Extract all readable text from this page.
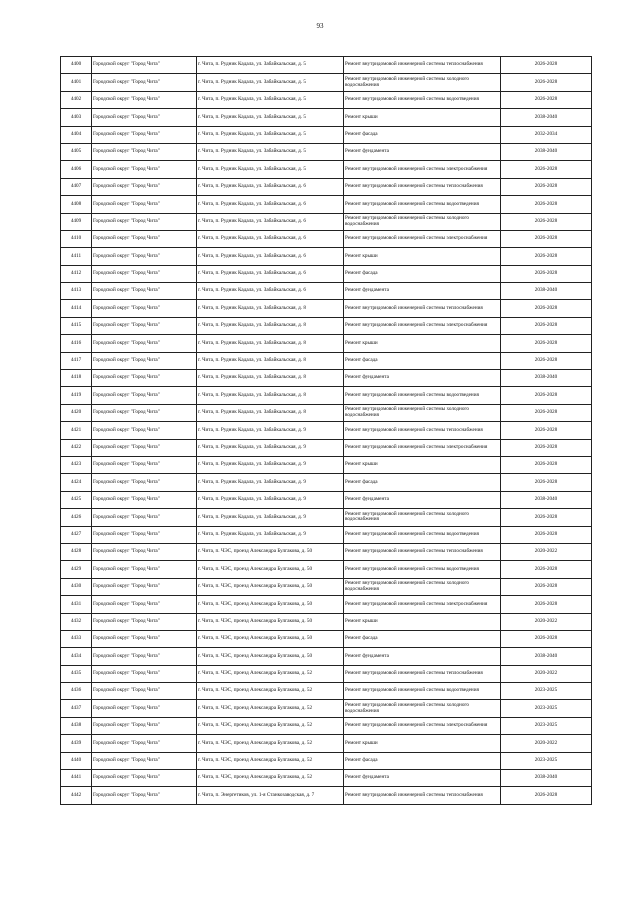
93
4400	Городской округ "Город Чита"	г. Чита, п. Рудник Кадала, ул. Забайкальская, д. 5	Ремонт внутридомовой инженерной системы теплоснабжения	2026-2028
4401	Городской округ "Город Чита"	г. Чита, п. Рудник Кадала, ул. Забайкальская, д. 5	Ремонт внутридомовой инженерной системы холодного водоснабжения	2026-2028
4402	Городской округ "Город Чита"	г. Чита, п. Рудник Кадала, ул. Забайкальская, д. 5	Ремонт внутридомовой инженерной системы водоотведения	2026-2028
4403	Городской округ "Город Чита"	г. Чита, п. Рудник Кадала, ул. Забайкальская, д. 5	Ремонт крыши	2038-2040
4404	Городской округ "Город Чита"	г. Чита, п. Рудник Кадала, ул. Забайкальская, д. 5	Ремонт фасада	2032-2034
4405	Городской округ "Город Чита"	г. Чита, п. Рудник Кадала, ул. Забайкальская, д. 5	Ремонт фундамента	2038-2040
4406	Городской округ "Город Чита"	г. Чита, п. Рудник Кадала, ул. Забайкальская, д. 5	Ремонт внутридомовой инженерной системы электроснабжения	2026-2028
4407	Городской округ "Город Чита"	г. Чита, п. Рудник Кадала, ул. Забайкальская, д. 6	Ремонт внутридомовой инженерной системы теплоснабжения	2026-2028
4408	Городской округ "Город Чита"	г. Чита, п. Рудник Кадала, ул. Забайкальская, д. 6	Ремонт внутридомовой инженерной системы водоотведения	2026-2028
4409	Городской округ "Город Чита"	г. Чита, п. Рудник Кадала, ул. Забайкальская, д. 6	Ремонт внутридомовой инженерной системы холодного водоснабжения	2026-2028
4410	Городской округ "Город Чита"	г. Чита, п. Рудник Кадала, ул. Забайкальская, д. 6	Ремонт внутридомовой инженерной системы электроснабжения	2026-2028
4411	Городской округ "Город Чита"	г. Чита, п. Рудник Кадала, ул. Забайкальская, д. 6	Ремонт крыши	2026-2028
4412	Городской округ "Город Чита"	г. Чита, п. Рудник Кадала, ул. Забайкальская, д. 6	Ремонт фасада	2026-2028
4413	Городской округ "Город Чита"	г. Чита, п. Рудник Кадала, ул. Забайкальская, д. 6	Ремонт фундамента	2038-2040
4414	Городской округ "Город Чита"	г. Чита, п. Рудник Кадала, ул. Забайкальская, д. 8	Ремонт внутридомовой инженерной системы теплоснабжения	2026-2028
4415	Городской округ "Город Чита"	г. Чита, п. Рудник Кадала, ул. Забайкальская, д. 8	Ремонт внутридомовой инженерной системы электроснабжения	2026-2028
4416	Городской округ "Город Чита"	г. Чита, п. Рудник Кадала, ул. Забайкальская, д. 8	Ремонт крыши	2026-2028
4417	Городской округ "Город Чита"	г. Чита, п. Рудник Кадала, ул. Забайкальская, д. 8	Ремонт фасада	2026-2028
4418	Городской округ "Город Чита"	г. Чита, п. Рудник Кадала, ул. Забайкальская, д. 8	Ремонт фундамента	2038-2040
4419	Городской округ "Город Чита"	г. Чита, п. Рудник Кадала, ул. Забайкальская, д. 8	Ремонт внутридомовой инженерной системы водоотведения	2026-2028
4420	Городской округ "Город Чита"	г. Чита, п. Рудник Кадала, ул. Забайкальская, д. 8	Ремонт внутридомовой инженерной системы холодного водоснабжения	2026-2028
4421	Городской округ "Город Чита"	г. Чита, п. Рудник Кадала, ул. Забайкальская, д. 9	Ремонт внутридомовой инженерной системы теплоснабжения	2026-2028
4422	Городской округ "Город Чита"	г. Чита, п. Рудник Кадала, ул. Забайкальская, д. 9	Ремонт внутридомовой инженерной системы электроснабжения	2026-2028
4423	Городской округ "Город Чита"	г. Чита, п. Рудник Кадала, ул. Забайкальская, д. 9	Ремонт крыши	2026-2028
4424	Городской округ "Город Чита"	г. Чита, п. Рудник Кадала, ул. Забайкальская, д. 9	Ремонт фасада	2026-2028
4425	Городской округ "Город Чита"	г. Чита, п. Рудник Кадала, ул. Забайкальская, д. 9	Ремонт фундамента	2038-2040
4426	Городской округ "Город Чита"	г. Чита, п. Рудник Кадала, ул. Забайкальская, д. 9	Ремонт внутридомовой инженерной системы холодного водоснабжения	2026-2028
4427	Городской округ "Город Чита"	г. Чита, п. Рудник Кадала, ул. Забайкальская, д. 9	Ремонт внутридомовой инженерной системы водоотведения	2026-2028
4428	Городской округ "Город Чита"	г. Чита, п. ЧЭС, проезд Александра Булгакова, д. 50	Ремонт внутридомовой инженерной системы теплоснабжения	2020-2022
4429	Городской округ "Город Чита"	г. Чита, п. ЧЭС, проезд Александра Булгакова, д. 50	Ремонт внутридомовой инженерной системы водоотведения	2026-2028
4430	Городской округ "Город Чита"	г. Чита, п. ЧЭС, проезд Александра Булгакова, д. 50	Ремонт внутридомовой инженерной системы холодного водоснабжения	2026-2028
4431	Городской округ "Город Чита"	г. Чита, п. ЧЭС, проезд Александра Булгакова, д. 50	Ремонт внутридомовой инженерной системы электроснабжения	2026-2028
4432	Городской округ "Город Чита"	г. Чита, п. ЧЭС, проезд Александра Булгакова, д. 50	Ремонт крыши	2020-2022
4433	Городской округ "Город Чита"	г. Чита, п. ЧЭС, проезд Александра Булгакова, д. 50	Ремонт фасада	2026-2028
4434	Городской округ "Город Чита"	г. Чита, п. ЧЭС, проезд Александра Булгакова, д. 50	Ремонт фундамента	2038-2040
4435	Городской округ "Город Чита"	г. Чита, п. ЧЭС, проезд Александра Булгакова, д. 52	Ремонт внутридомовой инженерной системы теплоснабжения	2020-2022
4436	Городской округ "Город Чита"	г. Чита, п. ЧЭС, проезд Александра Булгакова, д. 52	Ремонт внутридомовой инженерной системы водоотведения	2023-2025
4437	Городской округ "Город Чита"	г. Чита, п. ЧЭС, проезд Александра Булгакова, д. 52	Ремонт внутридомовой инженерной системы холодного водоснабжения	2023-2025
4438	Городской округ "Город Чита"	г. Чита, п. ЧЭС, проезд Александра Булгакова, д. 52	Ремонт внутридомовой инженерной системы электроснабжения	2023-2025
4439	Городской округ "Город Чита"	г. Чита, п. ЧЭС, проезд Александра Булгакова, д. 52	Ремонт крыши	2020-2022
4440	Городской округ "Город Чита"	г. Чита, п. ЧЭС, проезд Александра Булгакова, д. 52	Ремонт фасада	2023-2025
4441	Городской округ "Город Чита"	г. Чита, п. ЧЭС, проезд Александра Булгакова, д. 52	Ремонт фундамента	2038-2040
4442	Городской округ "Город Чита"	г. Чита, п. Энергетиков, ул. 1-я Станкозаводская, д. 7	Ремонт внутридомовой инженерной системы теплоснабжения	2026-2028
